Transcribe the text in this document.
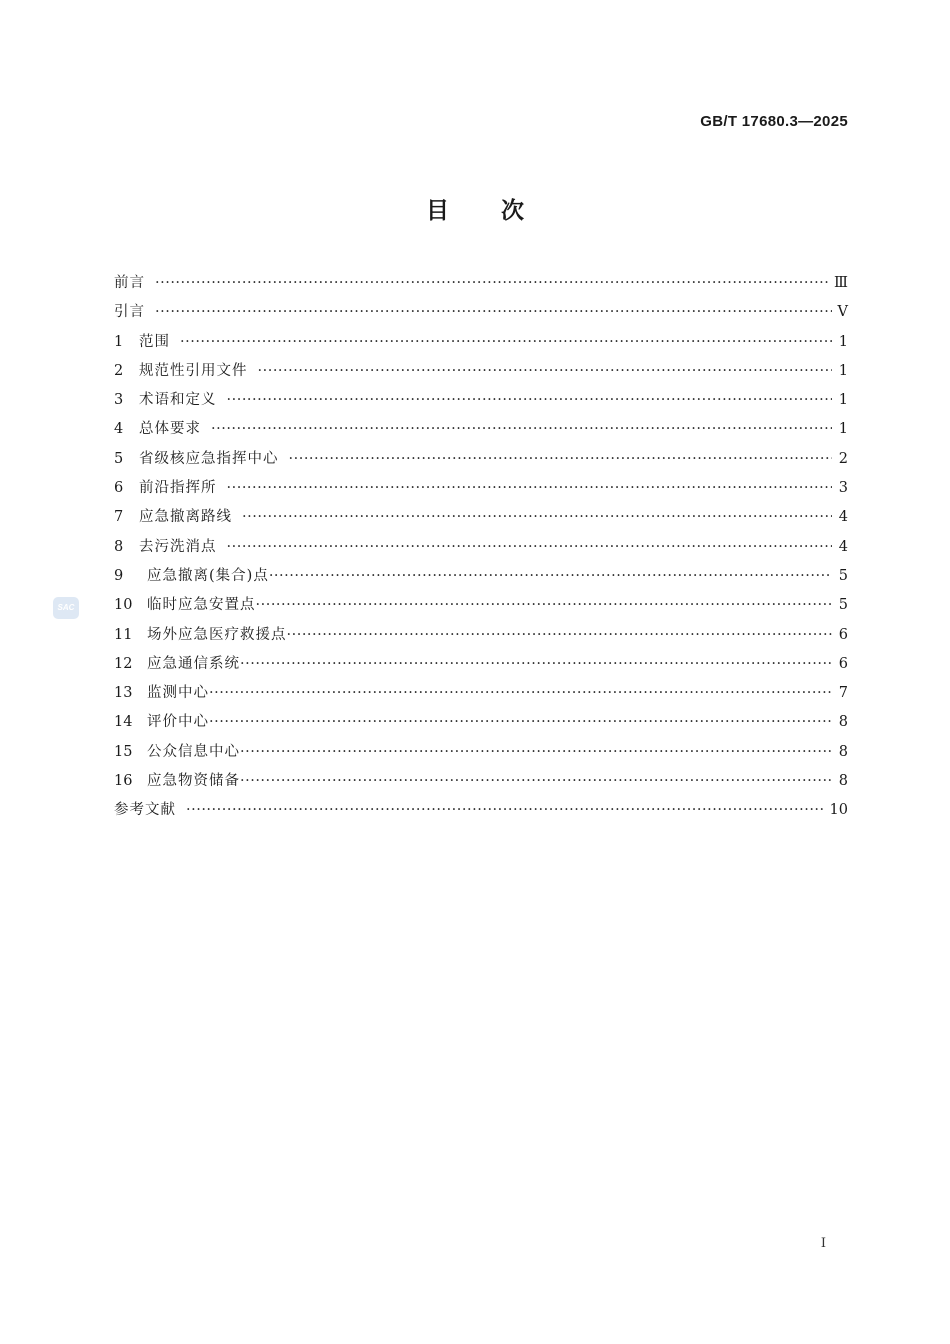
GB/T 17680.3—2025
目次
前言 ·····	Ⅲ
引言 ·····	Ⅴ
1	范围 ·····	1
2	规范性引用文件 ·····	1
3	术语和定义 ·····	1
4	总体要求 ·····	1
5	省级核应急指挥中心 ·····	2
6	前沿指挥所 ·····	3
7	应急撤离路线 ·····	4
8	去污洗消点 ·····	4
9	应急撤离(集合)点 ·····	5
10	临时应急安置点 ·····	5
11	场外应急医疗救援点 ·····	6
12	应急通信系统 ·····	6
13	监测中心 ·····	7
14	评价中心 ·····	8
15	公众信息中心 ·····	8
16	应急物资储备 ·····	8
参考文献 ·····	10
SAC
Ⅰ
